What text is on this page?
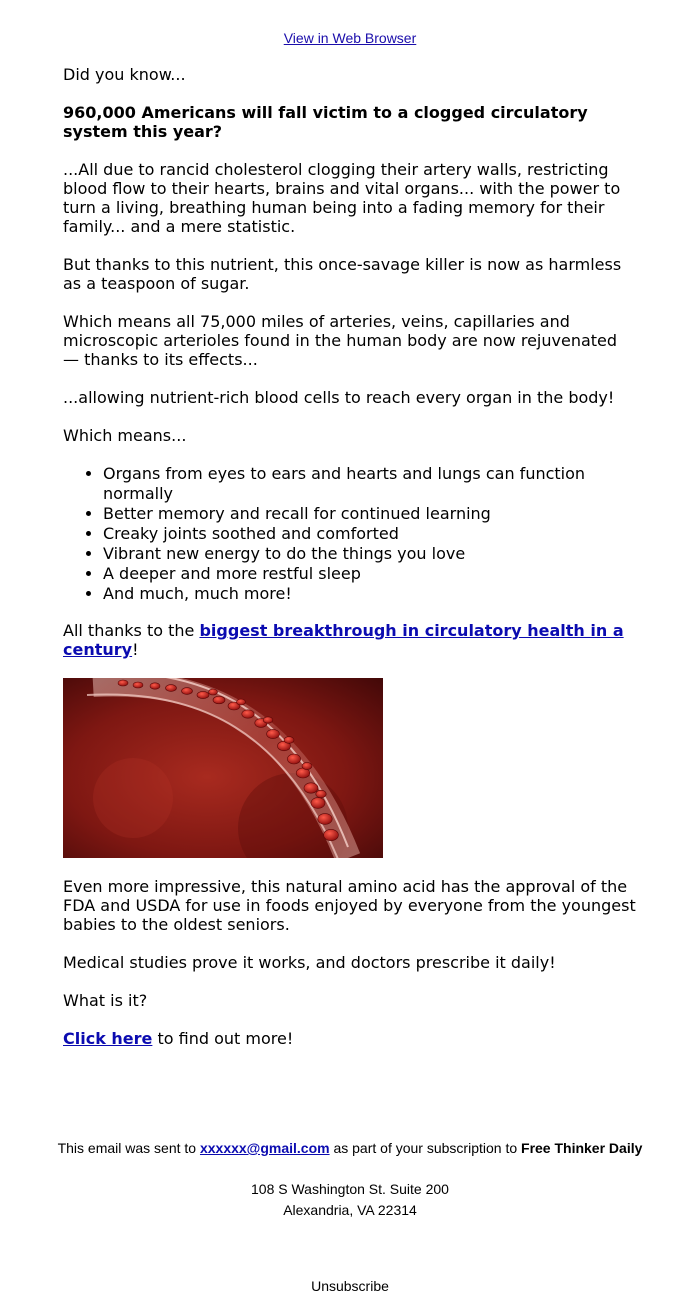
View in Web Browser

Did you know...

960,000 Americans will fall victim to a clogged circulatory system this year?

...All due to rancid cholesterol clogging their artery walls, restricting blood flow to their hearts, brains and vital organs... with the power to turn a living, breathing human being into a fading memory for their family... and a mere statistic.

But thanks to this nutrient, this once-savage killer is now as harmless as a teaspoon of sugar.

Which means all 75,000 miles of arteries, veins, capillaries and microscopic arterioles found in the human body are now rejuvenated — thanks to its effects...

...allowing nutrient-rich blood cells to reach every organ in the body!

Which means...

• Organs from eyes to ears and hearts and lungs can function normally
• Better memory and recall for continued learning
• Creaky joints soothed and comforted
• Vibrant new energy to do the things you love
• A deeper and more restful sleep
• And much, much more!

All thanks to the biggest breakthrough in circulatory health in a century!

Even more impressive, this natural amino acid has the approval of the FDA and USDA for use in foods enjoyed by everyone from the youngest babies to the oldest seniors.

Medical studies prove it works, and doctors prescribe it daily!

What is it?

Click here to find out more!

This email was sent to xxxxxx@gmail.com as part of your subscription to Free Thinker Daily
108 S Washington St. Suite 200
Alexandria, VA 22314
Unsubscribe
